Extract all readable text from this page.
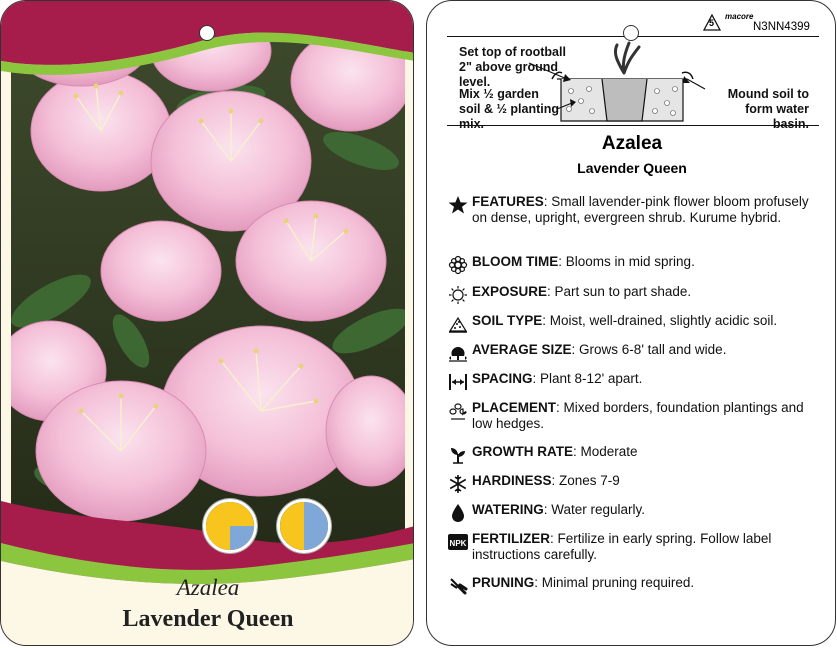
Azalea
Lavender Queen
5
macore
N3NN4399
Set top of rootball 2" above ground level.
Mix ½ garden soil & ½ planting mix.
Mound soil to form water basin.
Azalea
Lavender Queen
FEATURES: Small lavender-pink flower bloom profusely on dense, upright, evergreen shrub. Kurume hybrid.
BLOOM TIME: Blooms in mid spring.
EXPOSURE: Part sun to part shade.
SOIL TYPE: Moist, well-drained, slightly acidic soil.
AVERAGE SIZE: Grows 6-8' tall and wide.
SPACING: Plant 8-12' apart.
PLACEMENT: Mixed borders, foundation plantings and low hedges.
GROWTH RATE: Moderate
HARDINESS: Zones 7-9
WATERING: Water regularly.
NPK FERTILIZER: Fertilize in early spring. Follow label instructions carefully.
PRUNING: Minimal pruning required.
